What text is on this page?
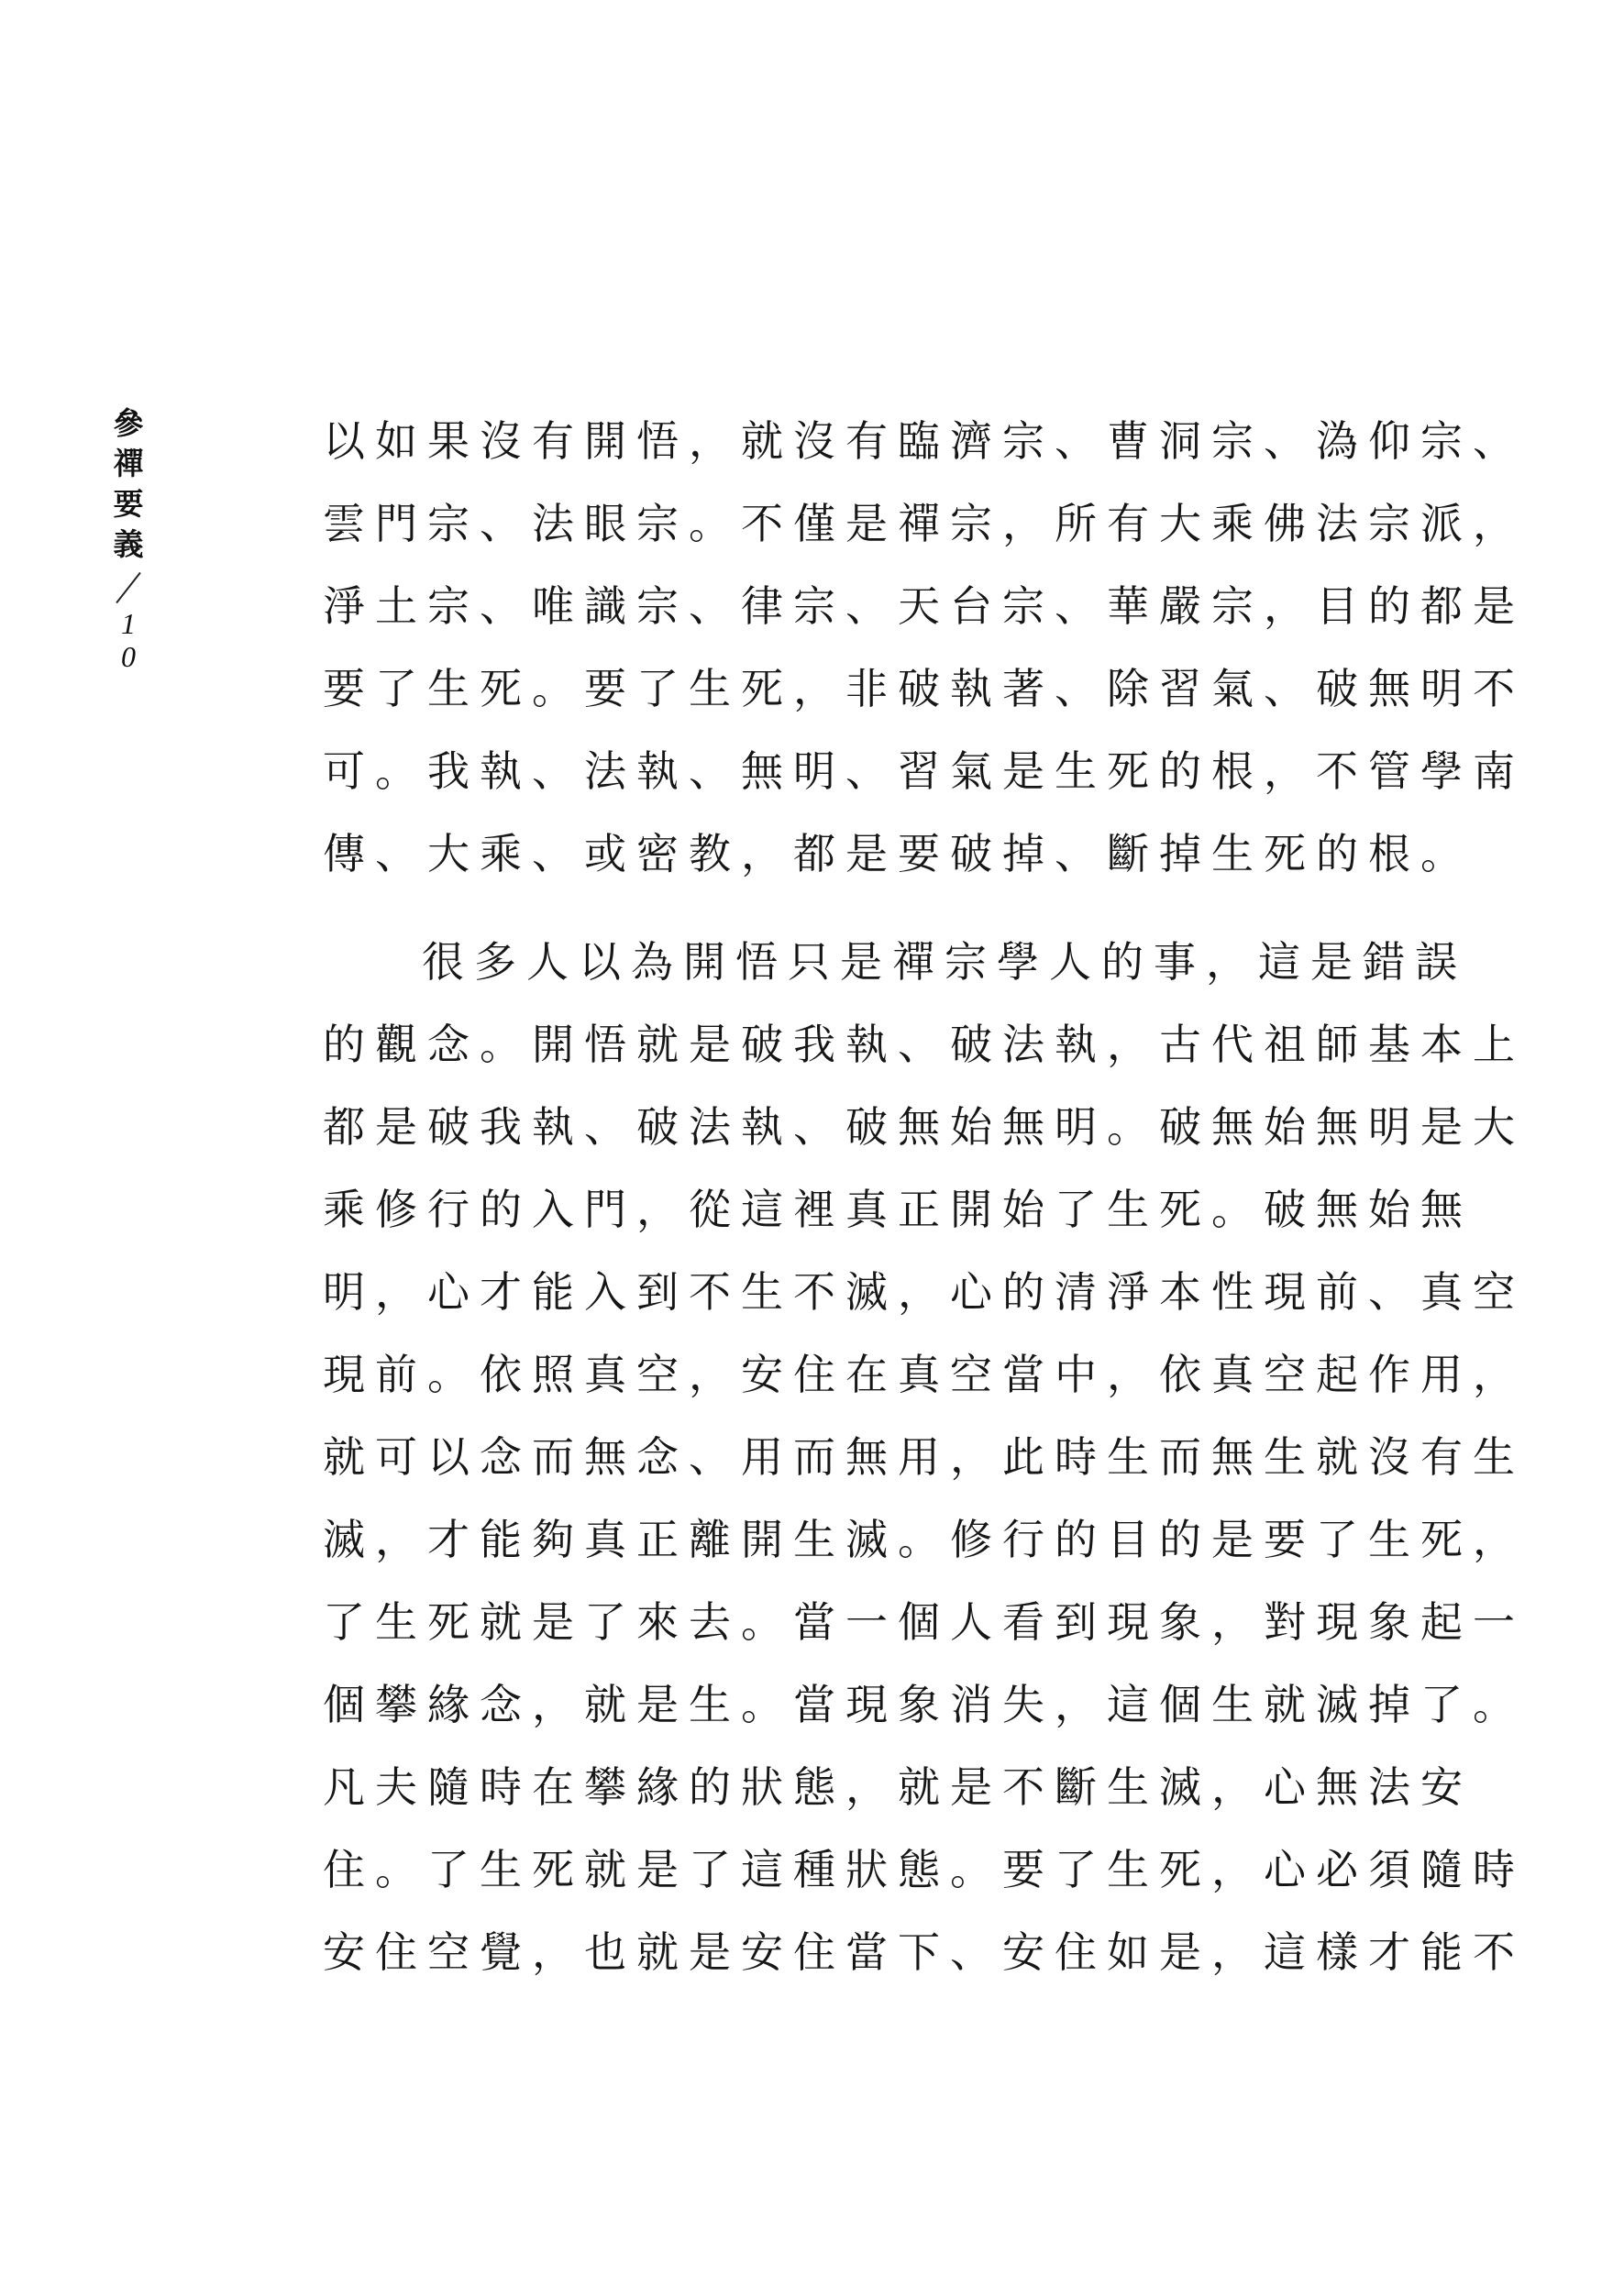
參
禪
要
義
1
0

以如果沒有開悟，就沒有臨濟宗、曹洞宗、溈仰宗、
雲門宗、法眼宗。不僅是禪宗，所有大乘佛法宗派，
淨土宗、唯識宗、律宗、天台宗、華嚴宗，目的都是
要了生死。要了生死，非破執著、除習氣、破無明不
可。我執、法執、無明、習氣是生死的根，不管學南
傳、大乘、或密教，都是要破掉、斷掉生死的根。

很多人以為開悟只是禪宗學人的事，這是錯誤
的觀念。開悟就是破我執、破法執，古代祖師基本上
都是破我執、破法執、破無始無明。破無始無明是大
乘修行的入門，從這裡真正開始了生死。破無始無
明，心才能入到不生不滅，心的清淨本性現前、真空
現前。依照真空，安住在真空當中，依真空起作用，
就可以念而無念、用而無用，此時生而無生就沒有生
滅，才能夠真正離開生滅。修行的目的是要了生死，
了生死就是了來去。當一個人看到現象，對現象起一
個攀緣念，就是生。當現象消失，這個生就滅掉了。
凡夫隨時在攀緣的狀態，就是不斷生滅，心無法安
住。了生死就是了這種狀態。要了生死，心必須隨時
安住空覺，也就是安住當下、安住如是，這樣才能不
